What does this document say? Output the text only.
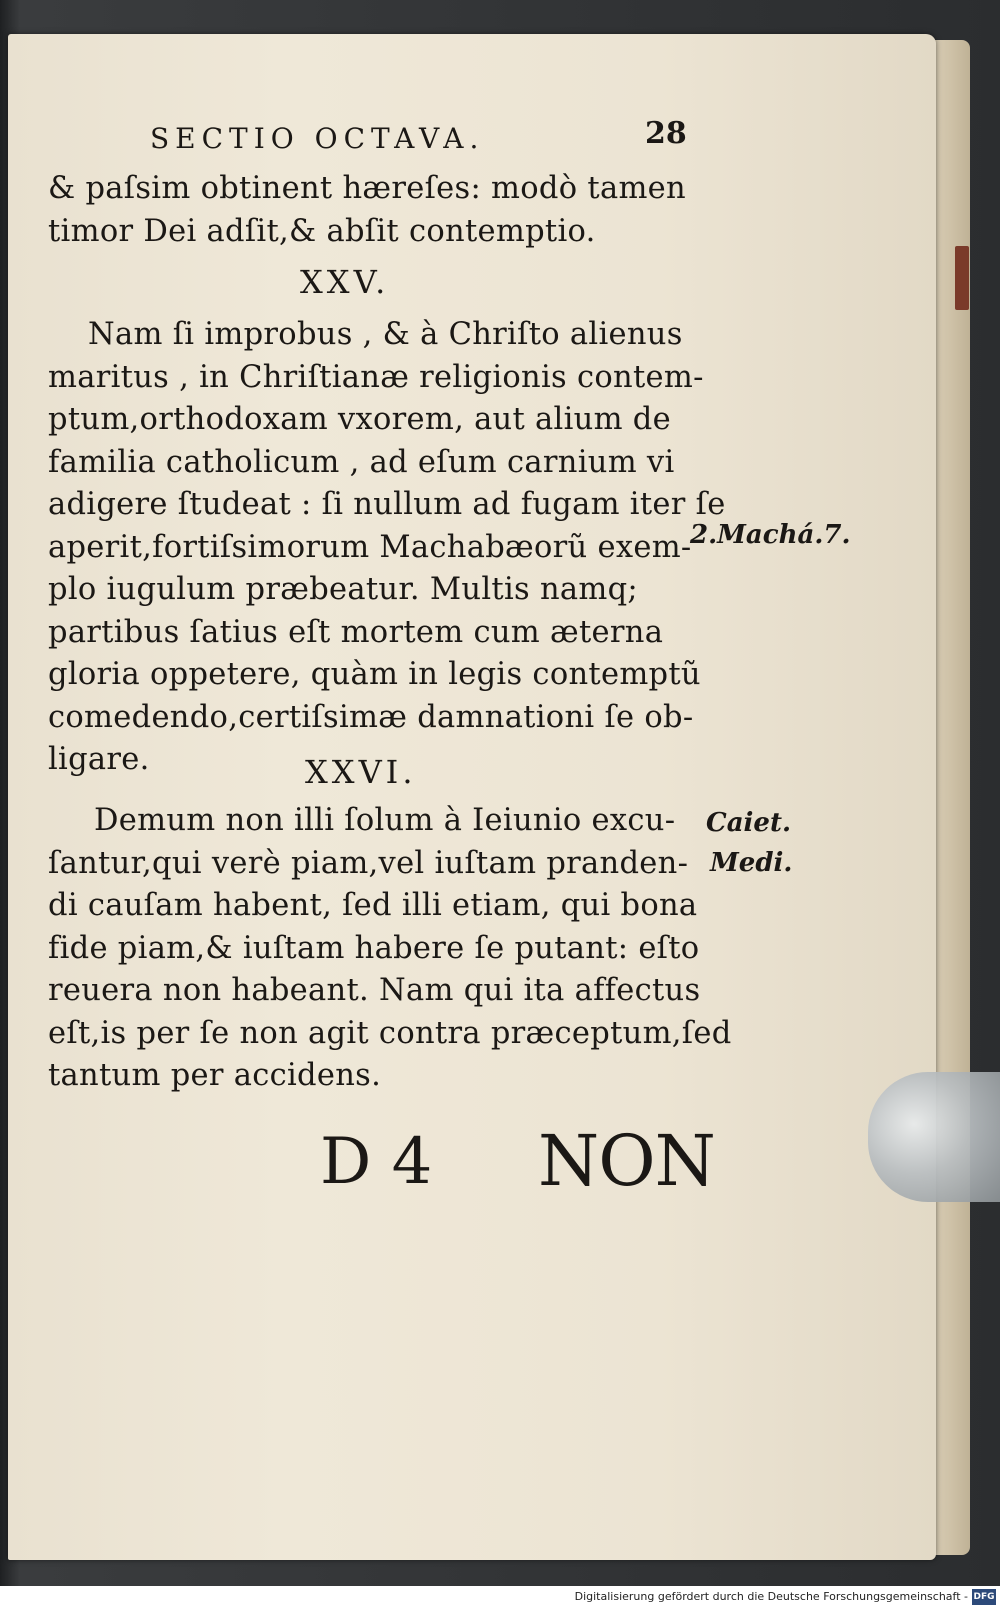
SECTIO OCTAVA.	28
& paſsim obtinent hæreſes: modò tamen
timor Dei adſit,& abſit contemptio.
XXV.
Nam ſi improbus , & à Chriſto alienus
maritus , in Chriſtianæ religionis contem-
ptum,orthodoxam vxorem, aut alium de
familia catholicum , ad eſum carnium vi
adigere ſtudeat : ſi nullum ad fugam iter ſe
aperit,fortiſsimorum Machabæorũ exem-
plo iugulum præbeatur. Multis namq;
partibus ſatius eſt mortem cum æterna
gloria oppetere, quàm in legis contemptũ
comedendo,certiſsimæ damnationi ſe ob-
ligare.
2.Machá.7.
XXVI.
Demum non illi ſolum à Ieiunio excu-
ſantur,qui verè piam,vel iuſtam pranden-
di cauſam habent, ſed illi etiam, qui bona
fide piam,& iuſtam habere ſe putant: eſto
reuera non habeant. Nam qui ita affectus
eſt,is per ſe non agit contra præceptum,ſed
tantum per accidens.
Caiet.
Medi.
D 4 NON
Digitalisierung gefördert durch die Deutsche Forschungsgemeinschaft - DFG
